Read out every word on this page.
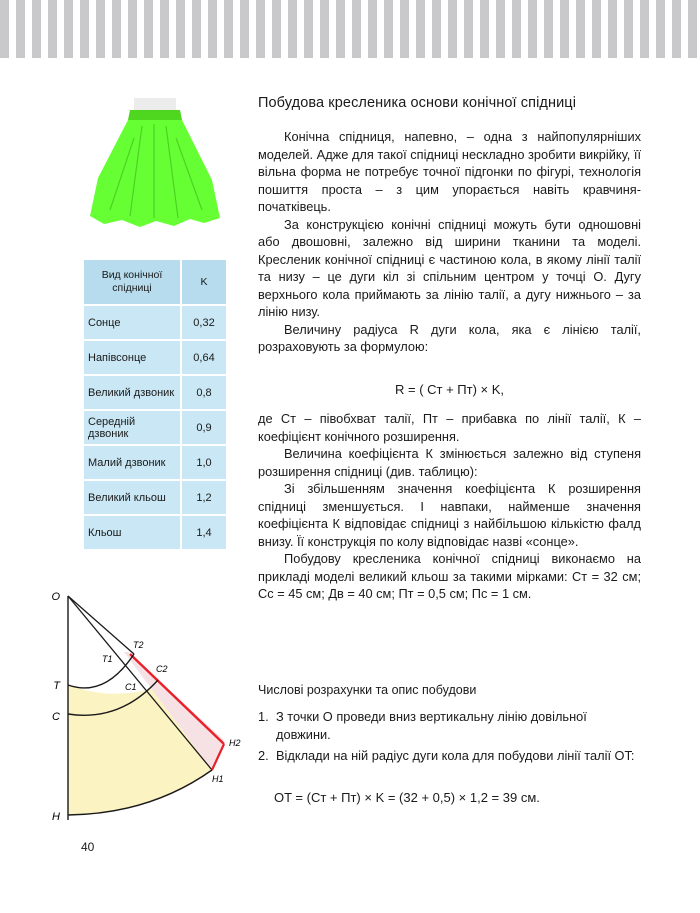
Вид конічної спідниці	K
Сонце	0,32
Напівсонце	0,64
Великий дзвоник	0,8
Середній дзвоник	0,9
Малий дзвоник	1,0
Великий кльош	1,2
Кльош	1,4
Побудова кресленика основи конічної спідниці

Конічна спідниця, напевно, – одна з найпопулярніших моделей. Адже для такої спідниці нескладно зробити викрійку, її вільна форма не потребує точної підгонки по фігурі, технологія пошиття проста – з цим упорається навіть кравчиня-початківець.

За конструкцією конічні спідниці можуть бути одношовні або двошовні, залежно від ширини тканини та моделі. Кресленик конічної спідниці є частиною кола, в якому лінії талії та низу – це дуги кіл зі спільним центром у точці O. Дугу верхнього кола приймають за лінію талії, а дугу нижнього – за лінію низу.

Величину радіуса R дуги кола, яка є лінією талії, розраховують за формулою:

R = ( Ст + Пт) × K,

де Ст – півобхват талії, Пт – прибавка по лінії талії, К – коефіцієнт конічного розширення.

Величина коефіцієнта К змінюється залежно від ступеня розширення спідниці (див. таблицю):

Зі збільшенням значення коефіцієнта К розширення спідниці зменшується. І навпаки, найменше значення коефіцієнта К відповідає спідниці з найбільшою кількістю фалд внизу. Її конструкція по колу відповідає назві «сонце».

Побудову кресленика конічної спідниці виконаємо на прикладі моделі великий кльош за такими мірками: Ст = 32 см; Сс = 45 см; Дв = 40 см; Пт = 0,5 см; Пс = 1 см.

Числові розрахунки та опис побудови
1. З точки O проведи вниз вертикальну лінію довільної довжини.
2. Відклади на ній радіус дуги кола для побудови лінії талії OT:
OT = (Ст + Пт) × K = (32 + 0,5) × 1,2 = 39 см.
O
T
C
H
T1
T2
C1
C2
H1
H2
40
